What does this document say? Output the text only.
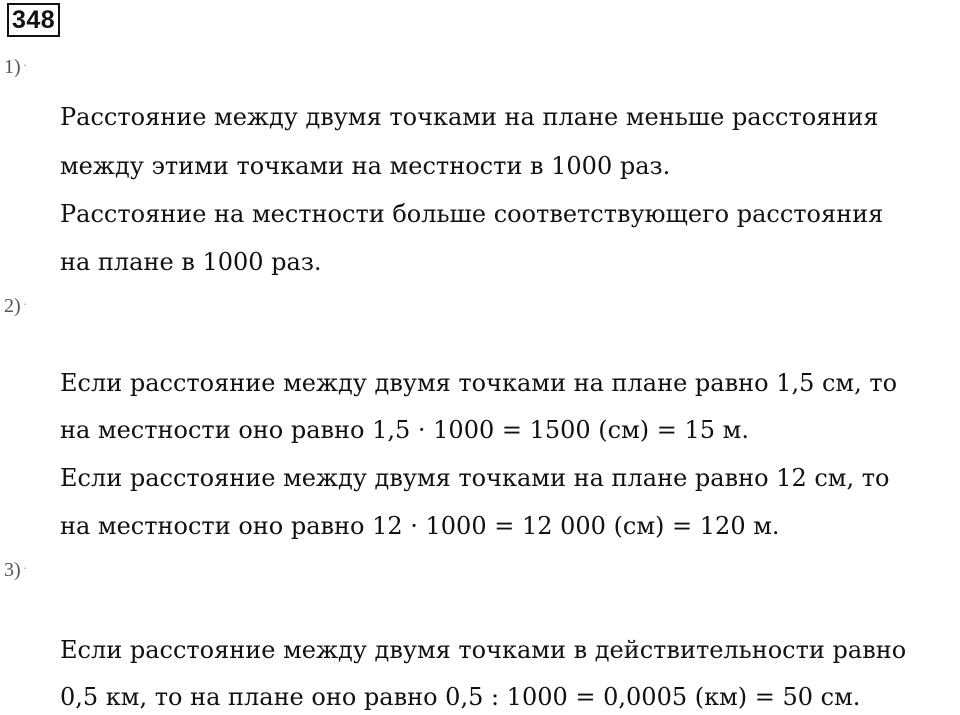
348
1) ·
Расстояние между двумя точками на плане меньше расстояния
между этими точками на местности в 1000 раз.
Расстояние на местности больше соответствующего расстояния
на плане в 1000 раз.
2) ·
Если расстояние между двумя точками на плане равно 1,5 см, то
на местности оно равно 1,5 · 1000 = 1500 (см) = 15 м.
Если расстояние между двумя точками на плане равно 12 см, то
на местности оно равно 12 · 1000 = 12 000 (см) = 120 м.
3) ·
Если расстояние между двумя точками в действительности равно
0,5 км, то на плане оно равно 0,5 : 1000 = 0,0005 (км) = 50 см.
